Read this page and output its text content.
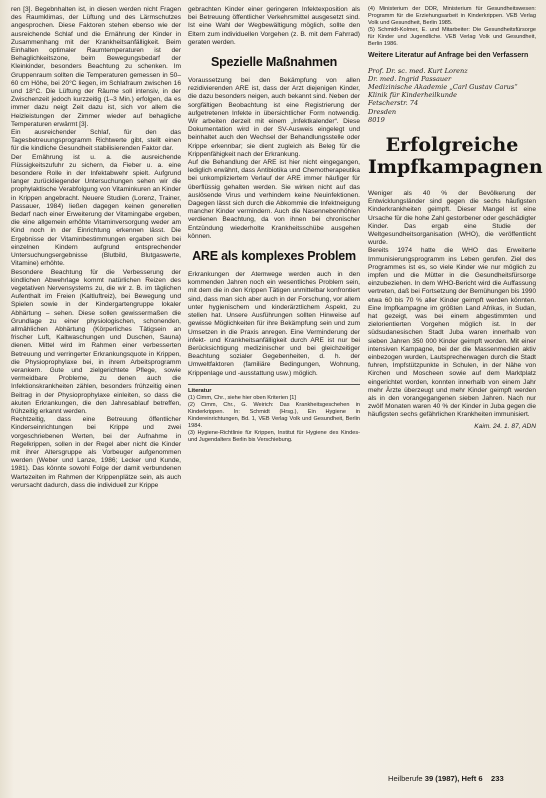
ren [3]. Begebnhalten ist, in diesen werden nicht Fragen des Raumklimas, der Lüftung und des Lärmschutzes angesprochen. Diese Faktoren stehen ebenso wie der ausreichende Schlaf und die Ernährung der Kinder in Zusammenhang mit der Krankheitsanfälligkeit. Beim Einhalten optimaler Raumtemperaturen ist der Behaglichkeitszone, beim Bewegungsbedarf der Kleinkinder, besonders Beachtung zu schenken. Im Gruppenraum sollten die Temperaturen gemessen in 50–60 cm Höhe, bei 20°C liegen, im Schlafraum zwischen 16 und 18°C. Die Lüftung der Räume soll intensiv, in der Zwischenzeit jedoch kurzzeitig (1–3 Min.) erfolgen, da es immer dazu neigt Zeit dazu ist, sich vor allem die Heizleistungen der Zimmer wieder auf behagliche Temperaturen erwärmt [3].

Ein ausreichender Schlaf, für den das Tagesbetreuungsprogramm Richtwerte gibt, stellt einen für die kindliche Gesundheit stabilisierenden Faktor dar.

Der Ernährung ist u. a. die ausreichende Flüssigkeitszufuhr zu sichern, da Fieber u. a. eine besondere Rolle in der Infektabwehr spielt. Aufgrund langer zurückliegender Untersuchungen sehen wir die prophylaktische Verabfolgung von Vitaminkuren an Kinder in Krippen angebracht. Neuere Studien (Lorenz, Trainer, Passauer, 1984) ließen dagegen keinen generellen Bedarf nach einer Erweiterung der Vitamingabe ergeben, die eine allgemein erhöhte Vitaminversorgung weder am Kind noch in der Einrichtung erkennen lässt. Die Ergebnisse der Vitaminbestimmungen ergaben sich bei einzelnen Kindern aufgrund entsprechender Untersuchungsergebnisse (Blutbild, Blutgaswerte, Vitamine) erhöhte.

Besondere Beachtung für die Verbesserung der kindlichen Abwehrlage kommt natürlichen Reizen des vegetativen Nervensystems zu, die wir z. B. im täglichen Aufenthalt im Freien (Kaltluftreiz), bei Bewegung und Spielen sowie in der Kindergartengruppe lokaler Abhärtung – sehen. Diese sollen gewissermaßen die Grundlage zu einer physiologischen, schonenden, allmählichen Abhärtung (Körperliches Tätigsein an frischer Luft, Kaltwaschungen und Duschen, Sauna) dienen. Mittel wird im Rahmen einer verbesserten Betreuung und verringerter Erkrankungsquote in Krippen, die Physioprophylaxe bei, in ihrem Arbeitsprogramm verankern. Gute und zielgerichtete Pflege, sowie vermeidbare Probleme, zu denen auch die Infektionskrankheiten zählen, besonders frühzeitig einen Beitrag in der Physioprophylaxe einleiten, so dass die akuten Erkrankungen, die den Jahresablauf betreffen, frühzeitig erkannt werden.

Rechtzeitig, dass eine Betreuung öffentlicher Kinderseinrichtungen bei Krippe und zwei vorgeschriebenen Werten, bei der Aufnahme in Regelkrippen, sollen in der Regel aber nicht die Kinder mit ihrer Altersgruppe als Vorbeuger aufgenommen werden (Weber und Lanze, 1986; Lecker und Kunde, 1981). Das könnte sowohl Folge der damit verbundenen Wartezeiten im Rahmen der Krippenplätze sein, als auch verursacht dadurch, dass die individuell zur Krippe

gebrachten Kinder einer geringeren Infektexposition als bei Betreuung öffentlicher Verkehrsmittel ausgesetzt sind. Ist eine Wahl der Wegbewältigung möglich, sollte den Eltern zum individuellen Vorgehen (z. B. mit dem Fahrrad) geraten werden.

Spezielle Maßnahmen

Voraussetzung bei den Bekämpfung von allen rezidivierenden ARE ist, dass der Arzt diejenigen Kinder, die dazu besonders neigen, auch bekannt sind. Neben der sorgfältigen Beobachtung ist eine Registrierung der aufgetretenen Infekte in übersichtlicher Form notwendig. Wir arbeiten derzeit mit einem „Infektkalender“. Diese Dokumentation wird in der SV-Ausweis eingelegt und beinhaltet auch den Wechsel der Behandlungsstelle oder Krippe erkennbar; sie dient zugleich als Beleg für die Krippenfähigkeit nach der Erkrankung.

Auf die Behandlung der ARE ist hier nicht eingegangen, lediglich erwähnt, dass Antibiotika und Chemotherapeutika bei unkompliziertem Verlauf der ARE immer häufiger für überflüssig gehalten werden. Sie wirken nicht auf das auslösende Virus und verhindern keine Neuinfektionen. Dagegen lässt sich durch die Abkommie die Infektneigung mancher Kinder vermindern. Auch die Nasennebenhöhlen verdienen Beachtung, da von ihnen bei chronischer Entzündung wiederholte Krankheitsschübe ausgehen können.

ARE als komplexes Problem

Erkrankungen der Atemwege werden auch in den kommenden Jahren noch ein wesentliches Problem sein, mit dem die in den Krippen Tätigen unmittelbar konfrontiert sind, dass man sich aber auch in der Forschung, vor allem unter hygienischem und kinderärztlichem Aspekt, zu stellen hat. Unsere Ausführungen sollten Hinweise auf gewisse Möglichkeiten für ihre Bekämpfung sein und zum Umsetzen in die Praxis anregen. Eine Verminderung der infekt- und Krankheitsanfälligkeit durch ARE ist nur bei Berücksichtigung medizinischer und bei gleichzeitiger Beachtung sozialer Gegebenheiten, d. h. der Umweltfaktoren (familiäre Bedingungen, Wohnung, Krippenlage und -ausstattung usw.) möglich.

Literatur
(1) Cimm, Chr., siehe hier oben Kriterien [1]
(2) Cimm, Chr., G. Weirich: Das Krankheitsgeschehen in Kinderkrippen. In: Schmidt (Hrsg.), Ein Hygiene in Kindereinrichtungen, Bd. 1, VEB Verlag Volk und Gesundheit, Berlin 1984.
(3) Hygiene-Richtlinie für Krippen, Institut für Hygiene des Kindes- und Jugendalters Berlin bis Verschiebung.
(4) Ministerium der DDR, Ministerium für Gesundheitswesen: Programm für die Erziehungsarbeit in Kinderkrippen. VEB Verlag Volk und Gesundheit, Berlin 1985.
(5) Schmidt-Kolmer, E. und Mitarbeiter: Die Gesundheitsfürsorge für Kinder und Jugendliche. VEB Verlag Volk und Gesundheit, Berlin 1986.
Weitere Literatur auf Anfrage bei den Verfassern
Prof. Dr. sc. med. Kurt Lorenz
Dr. med. Ingrid Passauer
Medizinische Akademie „Carl Gustav Carus“
Klinik für Kinderheilkunde
Fetscherstr. 74
Dresden
8019
Erfolgreiche Impfkampagnen

Weniger als 40 % der Bevölkerung der Entwicklungsländer sind gegen die sechs häufigsten Kinderkrankheiten geimpft. Dieser Mangel ist eine Ursache für die hohe Zahl gestorbener oder geschädigter Kinder. Das ergab eine Studie der Weltgesundheitsorganisation (WHO), die veröffentlicht wurde.

Bereits 1974 hatte die WHO das Erweiterte Immunisierungsprogramm ins Leben gerufen. Ziel des Programmes ist es, so viele Kinder wie nur möglich zu impfen und die Mütter in die Gesundheitsfürsorge einzubeziehen. In dem WHO-Bericht wird die Auffassung vertreten, daß bei Fortsetzung der Bemühungen bis 1990 etwa 60 bis 70 % aller Kinder geimpft werden könnten. Eine Impfkampagne im größten Land Afrikas, in Sudan, hat gezeigt, was bei einem abgestimmten und zielorientierten Vorgehen möglich ist. In der südsudanesischen Stadt Juba waren innerhalb von sieben Jahren 350 000 Kinder geimpft worden. Mit einer intensiven Kampagne, bei der die Massenmedien aktiv einbezogen wurden, Lautsprecherwagen durch die Stadt fuhren, Impfstützpunkte in Schulen, in der Nähe von Kirchen und Moscheen sowie auf dem Marktplatz eingerichtet worden, konnten innerhalb von einem Jahr mehr Ärzte überzeugt und mehr Kinder geimpft werden als in den vorangegangenen sieben Jahren. Nach nur zwölf Monaten waren 40 % der Kinder in Juba gegen die häufigsten sechs gefährlichen Krankheiten immunisiert.

Kaim. 24. 1. 87, ADN
Heilberufe 39 (1987), Heft 6 233
